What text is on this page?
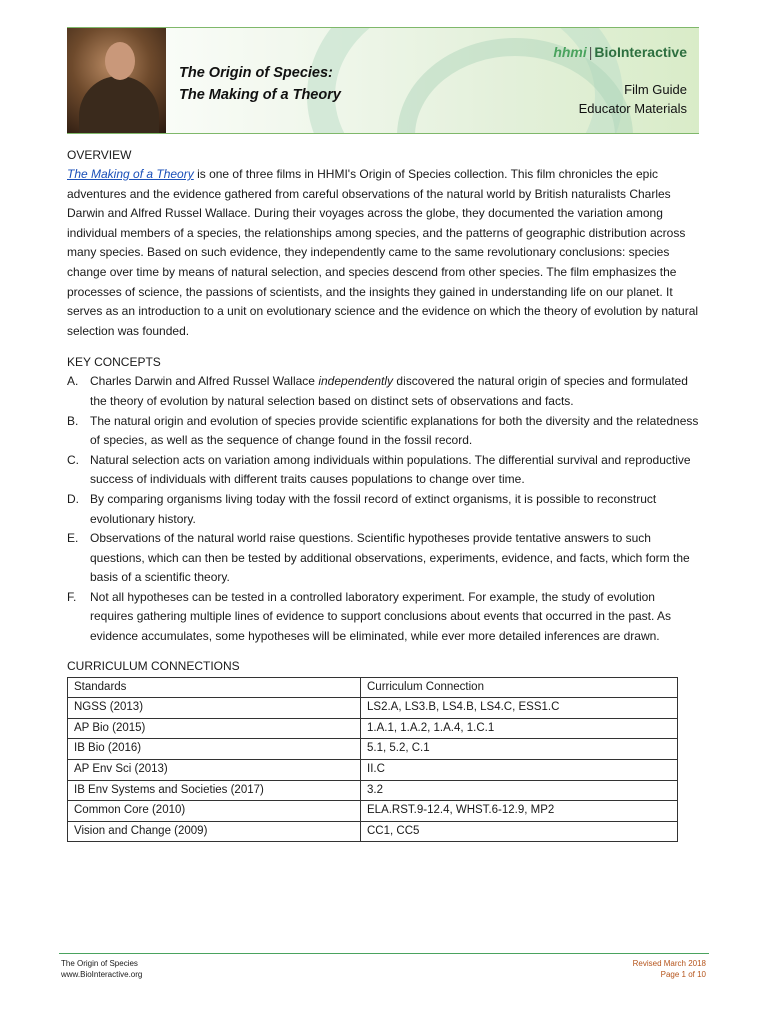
The Origin of Species:
The Making of a Theory
hhmi | BioInteractive
Film Guide
Educator Materials
OVERVIEW

The Making of a Theory is one of three films in HHMI's Origin of Species collection. This film chronicles the epic adventures and the evidence gathered from careful observations of the natural world by British naturalists Charles Darwin and Alfred Russel Wallace. During their voyages across the globe, they documented the variation among individual members of a species, the relationships among species, and the patterns of geographic distribution across many species. Based on such evidence, they independently came to the same revolutionary conclusions: species change over time by means of natural selection, and species descend from other species. The film emphasizes the processes of science, the passions of scientists, and the insights they gained in understanding life on our planet. It serves as an introduction to a unit on evolutionary science and the evidence on which the theory of evolution by natural selection was founded.

KEY CONCEPTS
A. Charles Darwin and Alfred Russel Wallace independently discovered the natural origin of species and formulated the theory of evolution by natural selection based on distinct sets of observations and facts.
B. The natural origin and evolution of species provide scientific explanations for both the diversity and the relatedness of species, as well as the sequence of change found in the fossil record.
C. Natural selection acts on variation among individuals within populations. The differential survival and reproductive success of individuals with different traits causes populations to change over time.
D. By comparing organisms living today with the fossil record of extinct organisms, it is possible to reconstruct evolutionary history.
E. Observations of the natural world raise questions. Scientific hypotheses provide tentative answers to such questions, which can then be tested by additional observations, experiments, evidence, and facts, which form the basis of a scientific theory.
F. Not all hypotheses can be tested in a controlled laboratory experiment. For example, the study of evolution requires gathering multiple lines of evidence to support conclusions about events that occurred in the past. As evidence accumulates, some hypotheses will be eliminated, while ever more detailed inferences are drawn.
CURRICULUM CONNECTIONS
Standards	Curriculum Connection
NGSS (2013)	LS2.A, LS3.B, LS4.B, LS4.C, ESS1.C
AP Bio (2015)	1.A.1, 1.A.2, 1.A.4, 1.C.1
IB Bio (2016)	5.1, 5.2, C.1
AP Env Sci (2013)	II.C
IB Env Systems and Societies (2017)	3.2
Common Core (2010)	ELA.RST.9-12.4, WHST.6-12.9, MP2
Vision and Change (2009)	CC1, CC5
The Origin of Species
www.BioInteractive.org
Revised March 2018
Page 1 of 10
